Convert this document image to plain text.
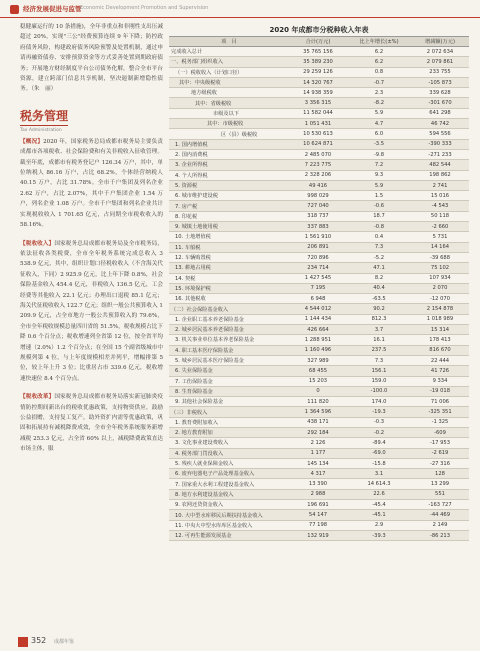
经济发展促进与监管
Economic Development Promotion and Supervision

稳健廉运行的 10 条措施)，全年非重点和非刚性支出压减超过 20%，实现"三公"经费预算连续 9 年下降；防控政府债务风险，构建政府债务风险预警及处置机制，通过申请再融资债券、安排预算资金等方式妥善处置到期政府债务；开展地方财经制度平台公司债务化解，整合全市平台资源，建立跨部门信息共享机制，坚决遏制新增隐性债务。（朱　丽）

税务管理
Tax Administration

【概况】2020 年，国家税务总局成都市税务局主要负责成都市各项税收、社会保险费和有关非税收入征收管理。截至年底，成都市有税务登记户 126.34 万户，其中，单位纳税人 86.16 万户，占比 68.2%，个体经营纳税人 40.15 万户，占比 31.78%。全市千户集团及列名企业 2.62 万户，占比 2.07%，其中千户集团企业 1.54 万户，列名企业 1.08 万户。全市千户集团和列名企业共计实现税收收入 1 701.65 亿元，占同期全市税收收入的 58.16%。

【税收收入】国家税务总局成都市税务局及全市税务局，依法征收各类税费，全市全年税务系统完成总收入 3 538.9 亿元，其中，组织计划口径税收收入（不含海关代征收入，下同）2 925.9 亿元，比上年下降 0.8%，社会保险基金收入 454.4 亿元，非税收入 136.5 亿元，工会经费等其他收入 22.1 亿元；办理出口退税 85.1 亿元；海关代征税收收入 122.7 亿元；组织一般公共预算收入 1 209.9 亿元，占全市地方一般公共预算收入的 79.6%，全市全年税收规模总量四川省的 51.5%，税收规模占比下降 0.6 个百分点；税收增速列全省第 12 位，按全省平均增速（2.0%）1.2 个百分点；在全国 15 个副省级城市中规模列第 4 位，与上年度规模相差并列平，增幅排第 5 位，较上年上升 3 位；比重居占市 339.6 亿元，税收增速快速位 8.4 个百分点。

【税收改革】国家税务总局成都市税务局落实新冠肺炎疫情防控期间新出台的税收优惠政策，支持物资供应，鼓励公益捐赠，支持复工复产，助外资扩内需等优惠政策，巩固和拓展持有减税降费成效，全市全年税务系统服务新增减税 253.3 亿元，占全省 60% 以上，减税降费政策直达市场主体，服

2020 年成都市分税种收入年表
项　目	合计(万元)	比上年增长(±%)	增减额(万元)
完成收入总计	35 765 156	6.2	2 072 634
一、税务部门组织收入	35 389 230	6.2	2 079 861
（一）税收收入（计划口径）	29 259 126	0.8	233 755
其中：中央级税收	14 320 767	-0.7	-105 873
地方级税收	14 938 359	2.3	339 628
其中：省级税收	3 356 315	-8.2	-301 670
市级及以下	11 582 044	5.9	641 298
其中：市级税收	1 051 431	4.7	46 742
区（县）级税收	10 530 613	6.0	594 556
1. 国内增值税	10 624 871	-3.5	-390 333
2. 国内消费税	2 485 070	-9.8	-271 233
3. 企业所得税	7 223 775	7.2	482 544
4. 个人所得税	2 328 206	9.3	198 862
5. 资源税	49 416	5.9	2 741
6. 城市维护建设税	998 029	1.5	15 016
7. 房产税	727 040	-0.6	-4 543
8. 印花税	318 737	18.7	50 118
9. 城镇土地使用税	337 883	-0.8	-2 660
10. 土地增值税	1 561 910	0.4	5 731
11. 车船税	206 891	7.3	14 164
12. 车辆购置税	720 896	-5.2	-39 688
13. 耕地占用税	234 714	47.1	75 102
14. 契税	1 427 545	8.2	107 934
15. 环境保护税	7 195	40.4	2 070
16. 其他税收	6 948	-63.5	-12 070
（二）社会保险基金收入	4 544 012	90.2	2 154 878
1. 企业职工基本养老保险基金	1 144 434	812.3	1 018 989
2. 城乡居民基本养老保险基金	426 664	3.7	15 314
3. 机关事业单位基本养老保险基金	1 288 951	16.1	178 413
4. 职工基本医疗保险基金	1 160 496	237.5	816 670
5. 城乡居民基本医疗保险基金	327 989	7.3	22 444
6. 失业保险基金	68 455	156.1	41 726
7. 工伤保险基金	15 203	159.0	9 334
8. 生育保险基金	0	-100.0	-19 018
9. 其他社会保险基金	111 820	174.0	71 006
（三）非税收入	1 364 596	-19.3	-325 351
1. 教育费附加收入	438 171	-0.3	-1 325
2. 地方教育附加	292 184	-0.2	-609
3. 文化事业建设费收入	2 126	-89.4	-17 953
4. 税务部门罚没收入	1 177	-69.0	-2 619
5. 残疾人就业保障金收入	145 134	-15.8	-27 316
6. 废弃电器电子产品处理基金收入	4 317	3.1	128
7. 国家重大水利工程建设基金收入	13 390	14 614.3	13 299
8. 地方水利建设基金收入	2 988	22.6	551
9. 农网还贷资金收入	196 691	-45.4	-163 727
10. 大中型水库移民后期扶持基金收入	54 147	-45.1	-44 469
11. 中央大中型水库库区基金收入	77 198	2.9	2 149
12. 可再生能源发展基金	132 919	-39.3	-86 213
352 成都年鉴
